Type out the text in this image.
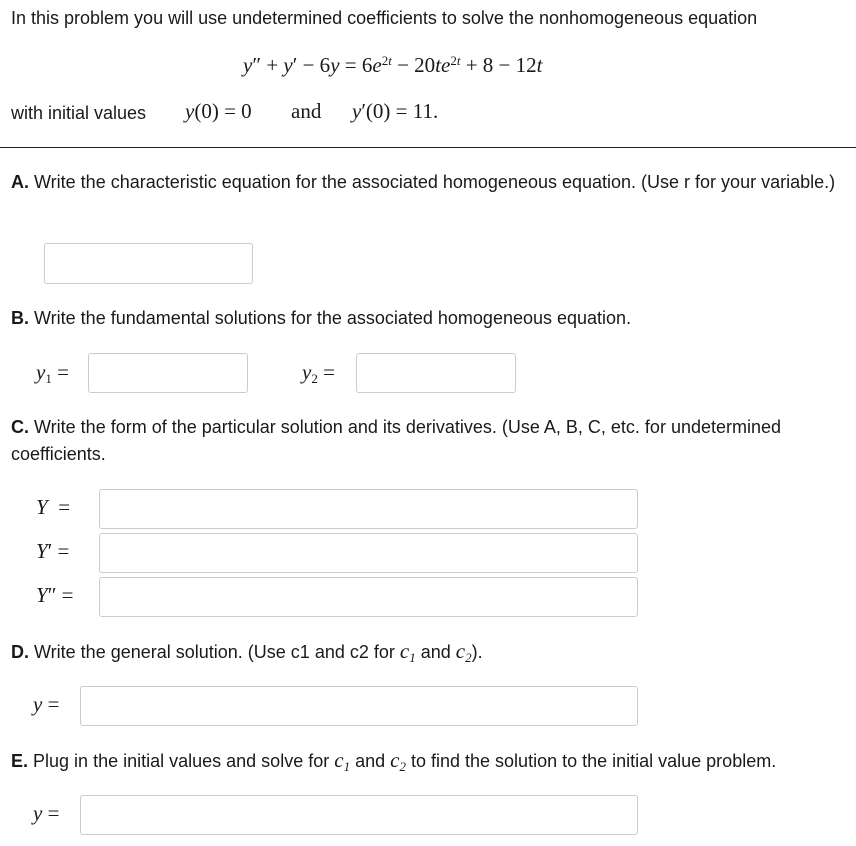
In this problem you will use undetermined coefficients to solve the nonhomogeneous equation
$y'' + y' - 6y = 6e^{2t} - 20te^{2t} + 8 - 12t$
with initial values y(0) = 0 and y′(0) = 11.
A. Write the characteristic equation for the associated homogeneous equation. (Use r for your variable.)
B. Write the fundamental solutions for the associated homogeneous equation.
$y_1$ =	$y_2$ =
C. Write the form of the particular solution and its derivatives. (Use A, B, C, etc. for undetermined coefficients.
Y  =
Y′ =
Y″ =
D. Write the general solution. (Use c1 and c2 for $c_1$ and $c_2$).
y =
E. Plug in the initial values and solve for $c_1$ and $c_2$ to find the solution to the initial value problem.
y =
